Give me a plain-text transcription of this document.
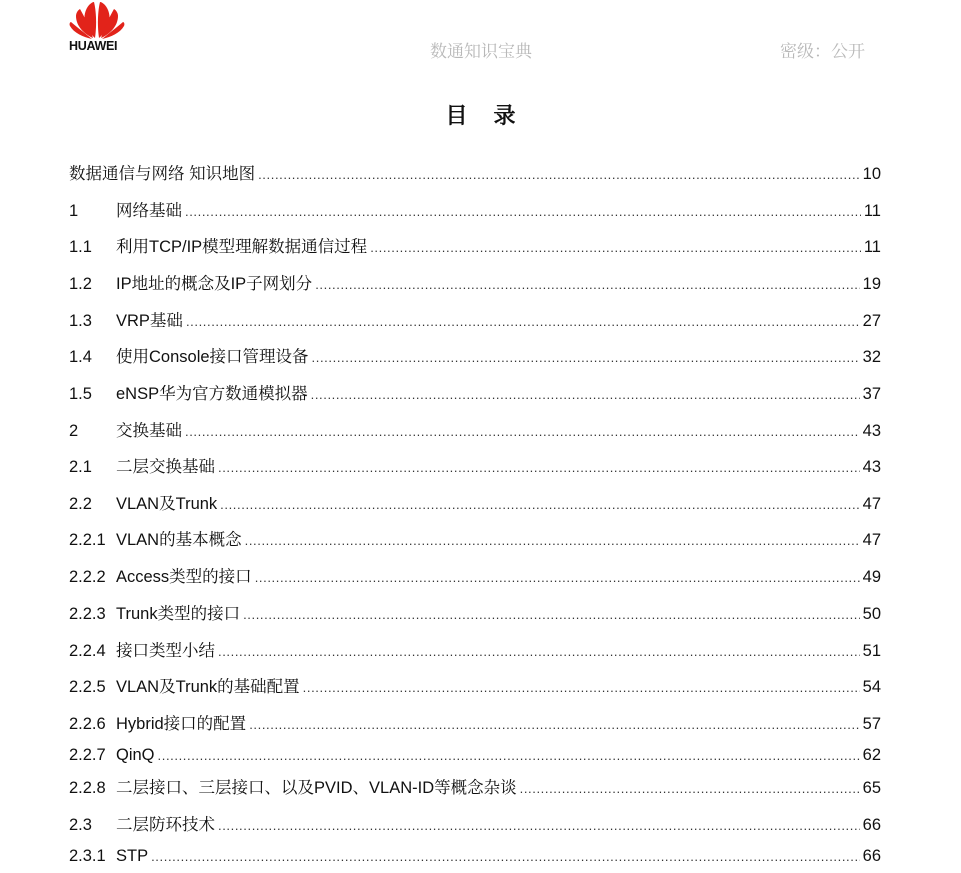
HUAWEI	数通知识宝典	密级：公开
目录
数据通信与网络 知识地图 .....	10
1	网络基础 .....	11
1.1	利用TCP/IP模型理解数据通信过程 .....	11
1.2	IP地址的概念及IP子网划分 .....	19
1.3	VRP基础 .....	27
1.4	使用Console接口管理设备 .....	32
1.5	eNSP华为官方数通模拟器 .....	37
2	交换基础 .....	43
2.1	二层交换基础 .....	43
2.2	VLAN及Trunk .....	47
2.2.1 VLAN的基本概念 .....	47
2.2.2 Access类型的接口 .....	49
2.2.3 Trunk类型的接口 .....	50
2.2.4 接口类型小结 .....	51
2.2.5 VLAN及Trunk的基础配置 .....	54
2.2.6 Hybrid接口的配置 .....	57
2.2.7 QinQ .....	62
2.2.8 二层接口、三层接口、以及PVID、VLAN-ID等概念杂谈 .....	65
2.3	二层防环技术 .....	66
2.3.1 STP .....	66
